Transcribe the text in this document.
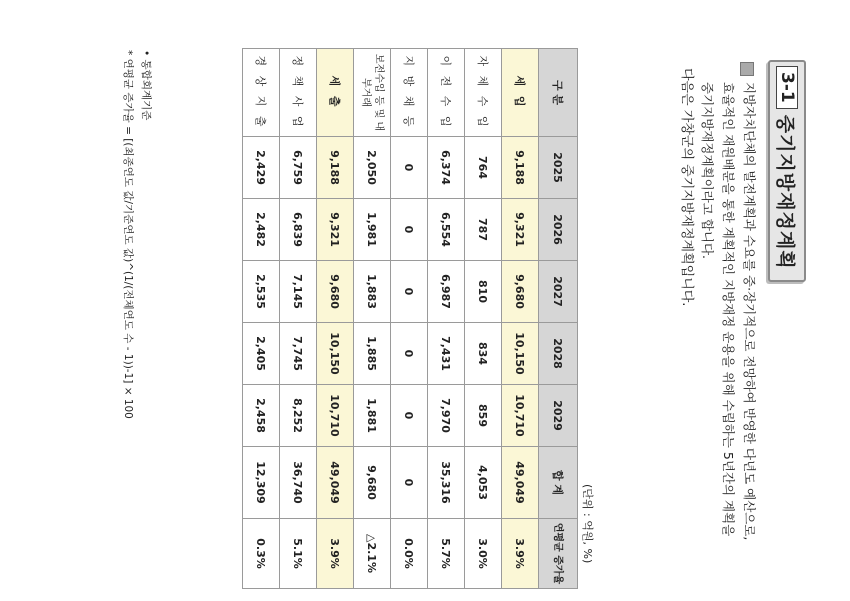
3-1
중기지방재정계획
지방자치단체의 발전계획과 수요를 중·장기적으로 전망하여 반영한 다년도 예산으로, 효율적인 재원배분을 통한 계획적인 지방재정 운용을 위해 수립하는 5년간의 계획을 중기지방재정계획이라고 합니다.
다음은 가창군의 중기지방재정계획입니다.
(단위 : 억원, %)
구 분	2025	2026	2027	2028	2029	합 계	연평균 증가율
세 입	9,188	9,321	9,680	10,150	10,710	49,049	3.9%
자 체 수 입	764	787	810	834	859	4,053	3.0%
이 전 수 입	6,374	6,554	6,987	7,431	7,970	35,316	5.7%
지 방 채 등	0	0	0	0	0	0	0.0%
보전수입 등 및 내부거래	2,050	1,981	1,883	1,885	1,881	9,680	△2.1%
세 출	9,188	9,321	9,680	10,150	10,710	49,049	3.9%
정 책 사 업	6,759	6,839	7,145	7,745	8,252	36,740	5.1%
경 상 지 출	2,429	2,482	2,535	2,405	2,458	12,309	0.3%
• 통합회계기준
* 연평균 증가율 = [(최종연도 값/기준연도 값)^(1/(전체연도 수 - 1))-1] × 100
